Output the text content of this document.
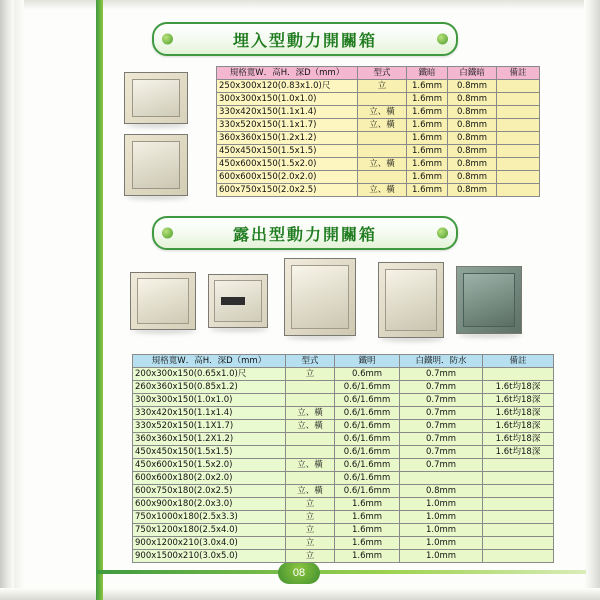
08
埋入型動力開關箱
規格寬W．高H．深D（mm）	型式	鐵暗	白鐵暗	備註
250x300x120(0.83x1.0)尺	立	1.6mm	0.8mm	
300x300x150(1.0x1.0)		1.6mm	0.8mm	
330x420x150(1.1x1.4)	立、橫	1.6mm	0.8mm	
330x520x150(1.1x1.7)	立、橫	1.6mm	0.8mm	
360x360x150(1.2x1.2)		1.6mm	0.8mm	
450x450x150(1.5x1.5)		1.6mm	0.8mm	
450x600x150(1.5x2.0)	立、橫	1.6mm	0.8mm	
600x600x150(2.0x2.0)		1.6mm	0.8mm	
600x750x150(2.0x2.5)	立、橫	1.6mm	0.8mm	
露出型動力開關箱
規格寬W．高H．深D（mm）	型式	鐵明	白鐵明．防水	備註
200x300x150(0.65x1.0)尺	立	0.6mm	0.7mm	
260x360x150(0.85x1.2)		0.6/1.6mm	0.7mm	1.6t均18深
300x300x150(1.0x1.0)		0.6/1.6mm	0.7mm	1.6t均18深
330x420x150(1.1x1.4)	立、橫	0.6/1.6mm	0.7mm	1.6t均18深
330x520x150(1.1X1.7)	立、橫	0.6/1.6mm	0.7mm	1.6t均18深
360x360x150(1.2X1.2)		0.6/1.6mm	0.7mm	1.6t均18深
450x450x150(1.5x1.5)		0.6/1.6mm	0.7mm	1.6t均18深
450x600x150(1.5x2.0)	立、橫	0.6/1.6mm	0.7mm	
600x600x180(2.0x2.0)		0.6/1.6mm		
600x750x180(2.0x2.5)	立、橫	0.6/1.6mm	0.8mm	
600x900x180(2.0x3.0)	立	1.6mm	1.0mm	
750x1000x180(2.5x3.3)	立	1.6mm	1.0mm	
750x1200x180(2.5x4.0)	立	1.6mm	1.0mm	
900x1200x210(3.0x4.0)	立	1.6mm	1.0mm	
900x1500x210(3.0x5.0)	立	1.6mm	1.0mm	
